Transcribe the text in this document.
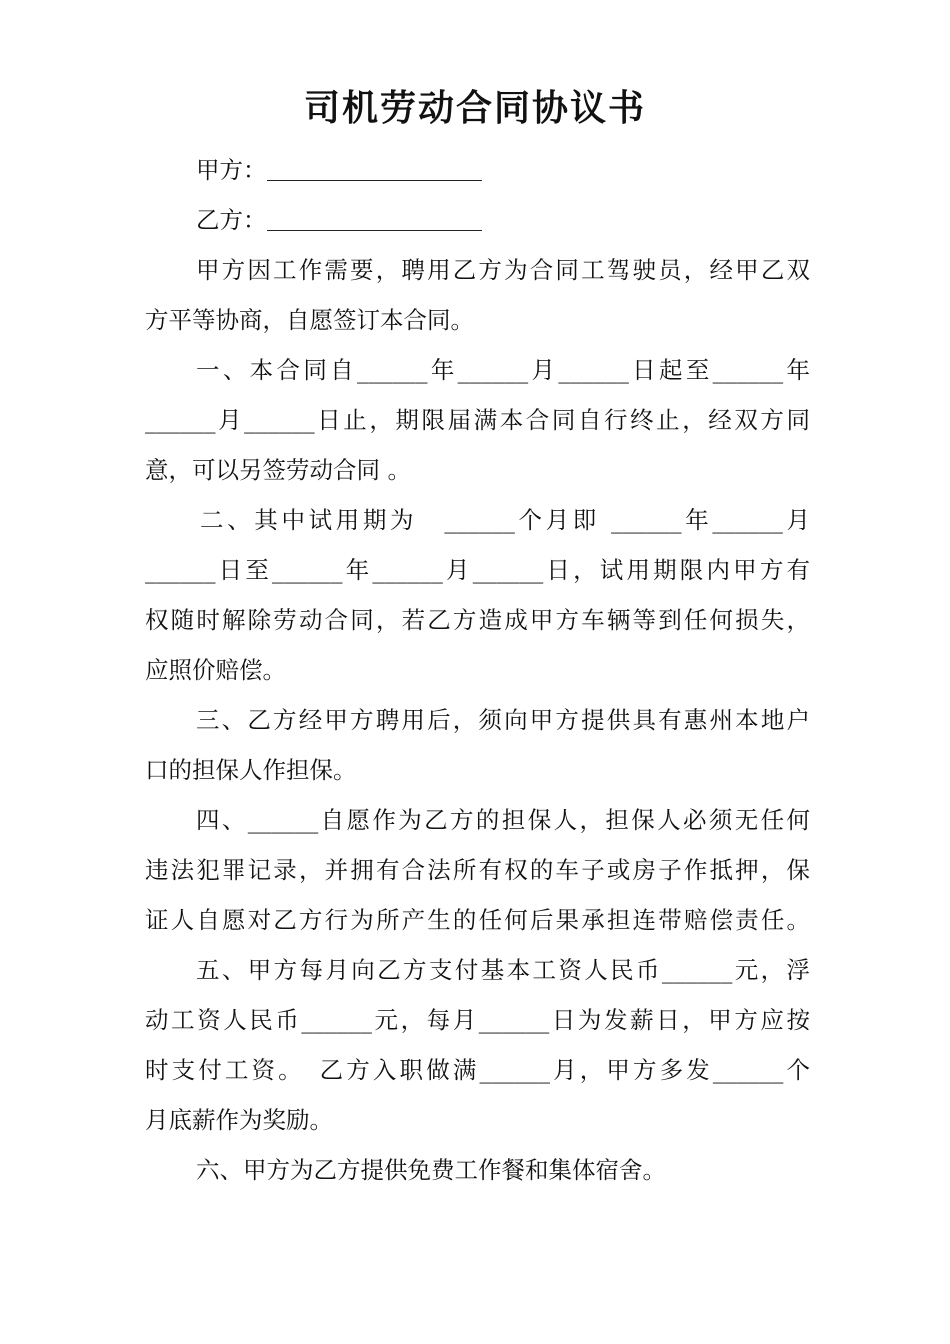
司机劳动合同协议书
甲方：
乙方：
甲方因工作需要，聘用乙方为合同工驾驶员，经甲乙双
方平等协商，自愿签订本合同。
一、本合同自______年______月______日起至______年
______月______日止，期限届满本合同自行终止，经双方同
意，可以另签劳动合同 。
二、其中试用期为　______个月即 ______年______月
______日至______年______月______日，试用期限内甲方有
权随时解除劳动合同，若乙方造成甲方车辆等到任何损失，
应照价赔偿。
三、乙方经甲方聘用后，须向甲方提供具有惠州本地户
口的担保人作担保。
四、______自愿作为乙方的担保人，担保人必须无任何
违法犯罪记录，并拥有合法所有权的车子或房子作抵押，保
证人自愿对乙方行为所产生的任何后果承担连带赔偿责任。
五、甲方每月向乙方支付基本工资人民币______元，浮
动工资人民币______元，每月______日为发薪日，甲方应按
时支付工资。　乙方入职做满______月，甲方多发______个
月底薪作为奖励。
六、甲方为乙方提供免费工作餐和集体宿舍。
